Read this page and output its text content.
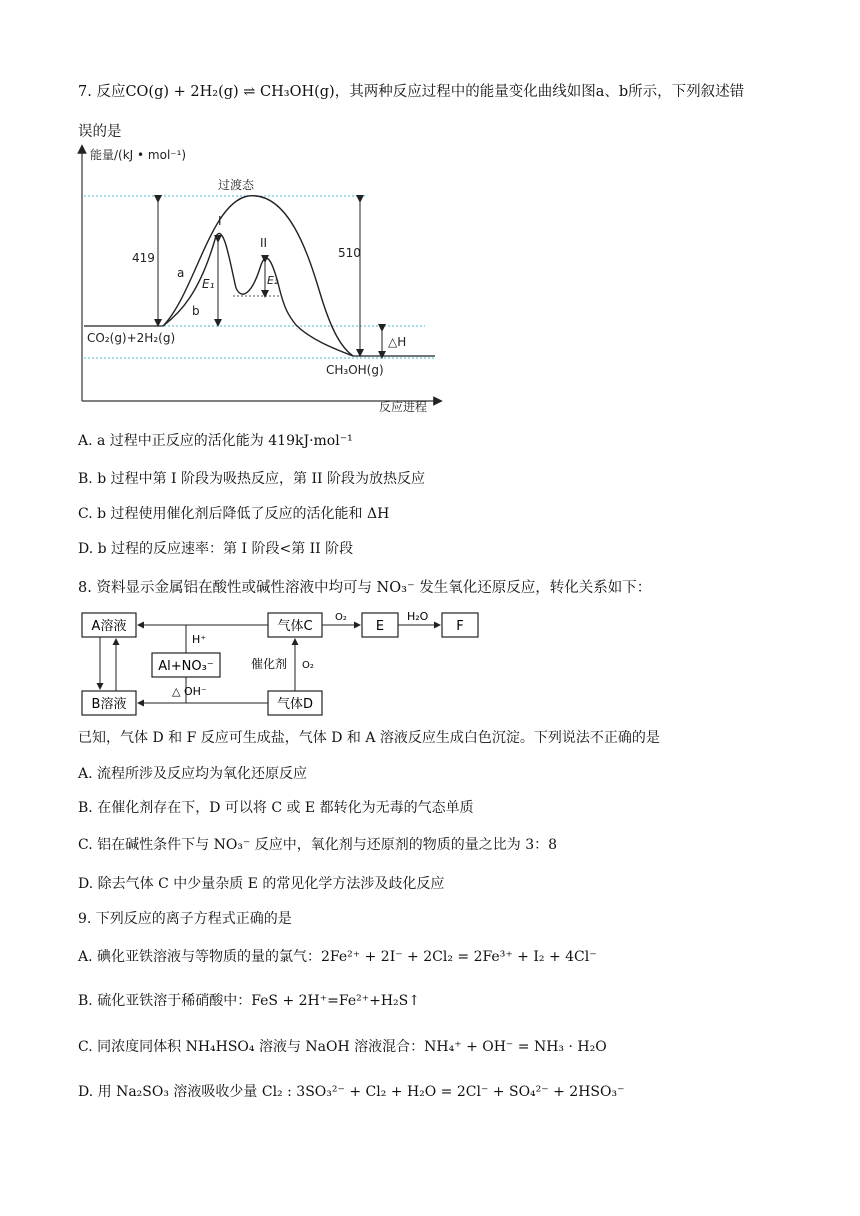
7. 反应CO(g) + 2H₂(g) ⇌ CH₃OH(g)，其两种反应过程中的能量变化曲线如图a、b所示，下列叙述错
误的是
能量/(kJ • mol⁻¹)
反应进程
过渡态
419	510
a
b
I
II
E₁	E₂
CO₂(g)+2H₂(g)
CH₃OH(g)
△H
A. a 过程中正反应的活化能为 419kJ·mol⁻¹
B. b 过程中第 I 阶段为吸热反应，第 II 阶段为放热反应
C. b 过程使用催化剂后降低了反应的活化能和 ΔH
D. b 过程的反应速率：第 I 阶段<第 II 阶段
8. 资料显示金属铝在酸性或碱性溶液中均可与 NO₃⁻ 发生氧化还原反应，转化关系如下：
A溶液
B溶液
气体C
气体D
E	F
Al+NO₃⁻
O₂	H₂O
H⁺
△ OH⁻
催化剂 O₂
已知，气体 D 和 F 反应可生成盐，气体 D 和 A 溶液反应生成白色沉淀。下列说法不正确的是
A. 流程所涉及反应均为氧化还原反应
B. 在催化剂存在下，D 可以将 C 或 E 都转化为无毒的气态单质
C. 铝在碱性条件下与 NO₃⁻ 反应中，氧化剂与还原剂的物质的量之比为 3：8
D. 除去气体 C 中少量杂质 E 的常见化学方法涉及歧化反应
9. 下列反应的离子方程式正确的是
A. 碘化亚铁溶液与等物质的量的氯气：2Fe²⁺ + 2I⁻ + 2Cl₂ = 2Fe³⁺ + I₂ + 4Cl⁻
B. 硫化亚铁溶于稀硝酸中：FeS + 2H⁺=Fe²⁺+H₂S↑
C. 同浓度同体积 NH₄HSO₄ 溶液与 NaOH 溶液混合：NH₄⁺ + OH⁻ = NH₃ · H₂O
D. 用 Na₂SO₃ 溶液吸收少量 Cl₂ : 3SO₃²⁻ + Cl₂ + H₂O = 2Cl⁻ + SO₄²⁻ + 2HSO₃⁻
